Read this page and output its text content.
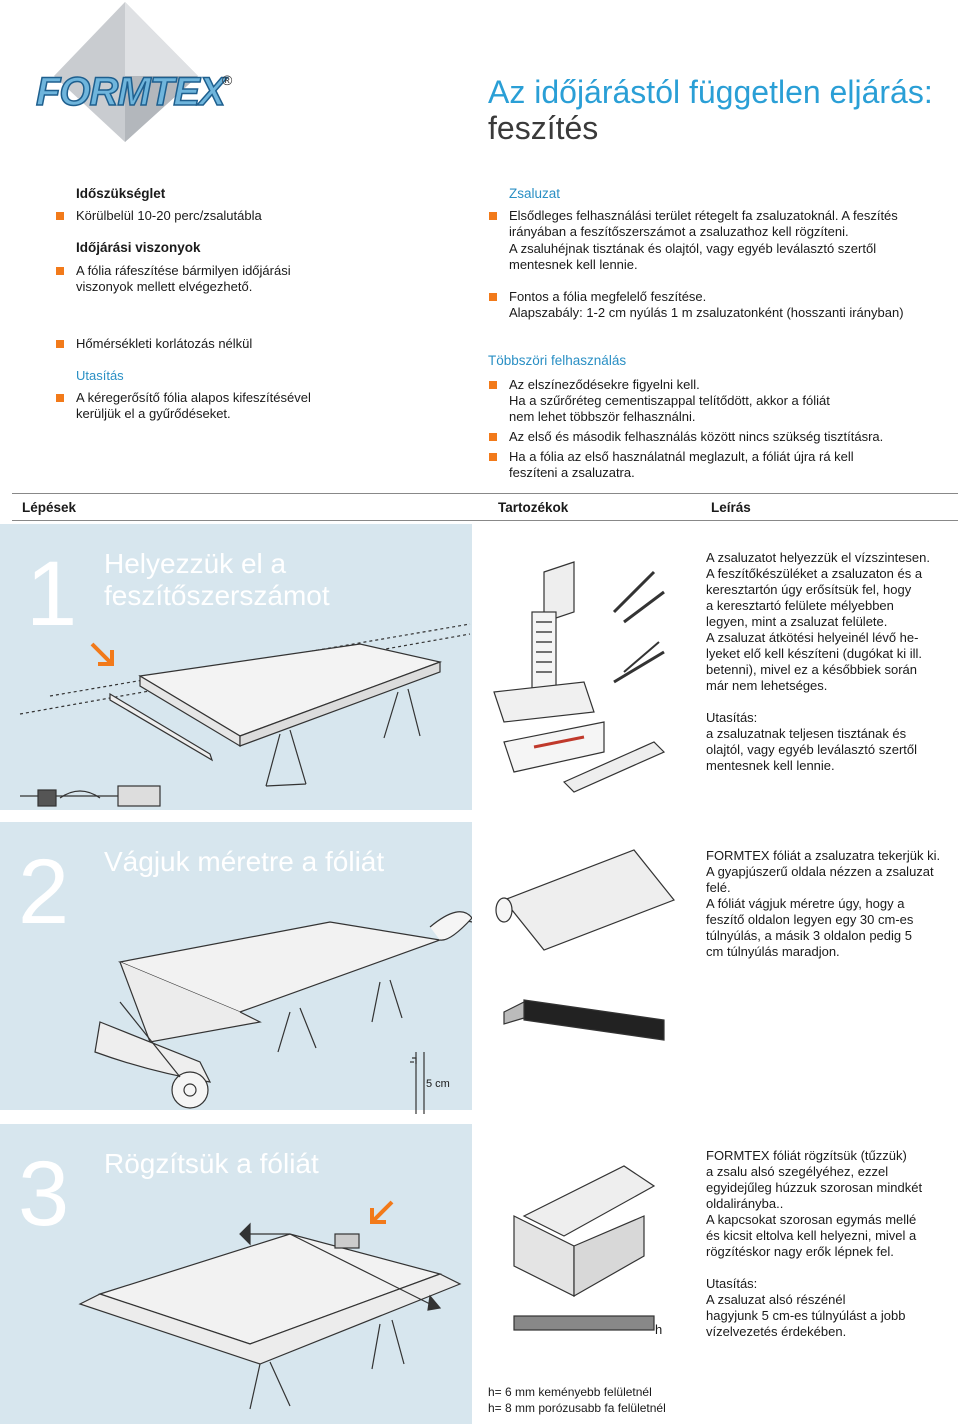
FORMTEX
®	Az időjárástól független eljárás:
feszítés
Időszükséglet
Körülbelül 10-20 perc/zsalutábla
Időjárási viszonyok
A fólia ráfeszítése bármilyen időjárási
viszonyok mellett elvégezhető.
Hőmérsékleti korlátozás nélkül
Utasítás
A kéregerősítő fólia alapos kifeszítésével
kerüljük el a gyűrődéseket.
Zsaluzat
Elsődleges felhasználási terület rétegelt fa zsaluzatoknál. A feszítés
irányában a feszítőszerszámot a zsaluzathoz kell rögzíteni.
A zsaluhéjnak tisztának és olajtól, vagy egyéb leválasztó szertől
mentesnek kell lennie.
Fontos a fólia megfelelő feszítése.
Alapszabály: 1-2 cm nyúlás 1 m zsaluzatonként (hosszanti irányban)
Többszöri felhasználás
Az elszíneződésekre figyelni kell.
Ha a szűrőréteg cementiszappal telítődött, akkor a fóliát
nem lehet többször felhasználni.
Az első és második felhasználás között nincs szükség tisztításra.
Ha a fólia az első használatnál meglazult, a fóliát újra rá kell
feszíteni a zsaluzatra.
Lépések	Tartozékok	Leírás
1 Helyezzük el a
feszítőszerszámot
A zsaluzatot helyezzük el vízszintesen.
A feszítőkészüléket a zsaluzaton és a
keresztartón úgy erősítsük fel, hogy
a keresztartó felülete mélyebben
legyen, mint a zsaluzat felülete.
A zsaluzat átkötési helyeinél lévő he-
lyeket elő kell készíteni (dugókat ki ill.
betenni), mivel ez a későbbiek során
már nem lehetséges.
Utasítás:
a zsaluzatnak teljesen tisztának és
olajtól, vagy egyéb leválasztó szertől
mentesnek kell lennie.
2 Vágjuk méretre a fóliát
5 cm
FORMTEX fóliát a zsaluzatra tekerjük ki.
A gyapjúszerű oldala nézzen a zsaluzat
felé.
A fóliát vágjuk méretre úgy, hogy a
feszítő oldalon legyen egy 30 cm-es
túlnyúlás, a másik 3 oldalon pedig 5
cm túlnyúlás maradjon.
3 Rögzítsük a fóliát
h
h= 6 mm keményebb felületnél
h= 8 mm porózusabb fa felületnél
FORMTEX fóliát rögzítsük (tűzzük)
a zsalu alsó szegélyéhez, ezzel
egyidejűleg húzzuk szorosan mindkét
oldalirányba..
A kapcsokat szorosan egymás mellé
és kicsit eltolva kell helyezni, mivel a
rögzítéskor nagy erők lépnek fel.
Utasítás:
A zsaluzat alsó részénél
hagyjunk 5 cm-es túlnyúlást a jobb
vízelvezetés érdekében.
